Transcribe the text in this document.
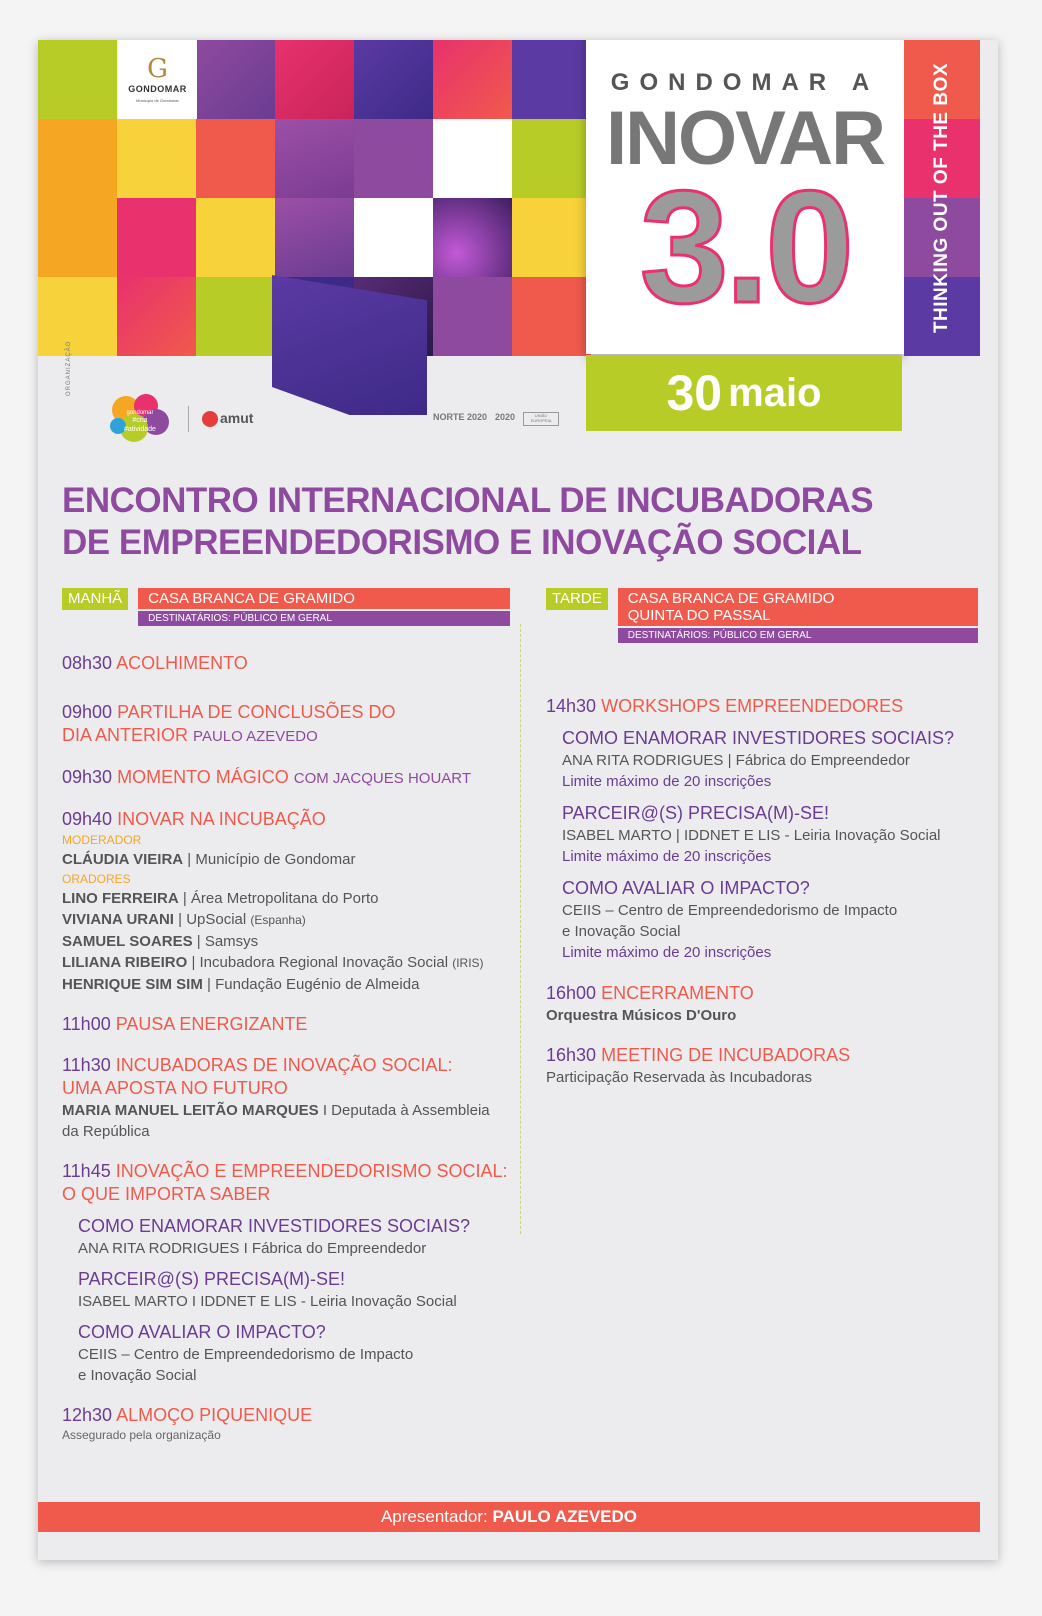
G
GONDOMAR
Município de Gondomar
GONDOMAR A
INOVAR
3.0
30 maio
THINKING OUT OF THE BOX
ORGANIZAÇÃO
gondomar
#cria
#atividade
amut	NORTE 2020 2020	UNIÃO EUROPEIA
ENCONTRO INTERNACIONAL DE INCUBADORAS
DE EMPREENDEDORISMO E INOVAÇÃO SOCIAL
MANHÃ	CASA BRANCA DE GRAMIDO
DESTINATÁRIOS: PÚBLICO EM GERAL
08h30 ACOLHIMENTO
09h00 PARTILHA DE CONCLUSÕES DO
DIA ANTERIOR PAULO AZEVEDO
09h30 MOMENTO MÁGICO COM JACQUES HOUART
09h40 INOVAR NA INCUBAÇÃO
MODERADOR
CLÁUDIA VIEIRA | Município de Gondomar
ORADORES
LINO FERREIRA | Área Metropolitana do Porto
VIVIANA URANI | UpSocial (Espanha)
SAMUEL SOARES | Samsys
LILIANA RIBEIRO | Incubadora Regional Inovação Social (IRIS)
HENRIQUE SIM SIM | Fundação Eugénio de Almeida
11h00 PAUSA ENERGIZANTE
11h30 INCUBADORAS DE INOVAÇÃO SOCIAL:
UMA APOSTA NO FUTURO
MARIA MANUEL LEITÃO MARQUES I Deputada à Assembleia
da República
11h45 INOVAÇÃO E EMPREENDEDORISMO SOCIAL:
O QUE IMPORTA SABER
COMO ENAMORAR INVESTIDORES SOCIAIS?
ANA RITA RODRIGUES I Fábrica do Empreendedor
PARCEIR@(S) PRECISA(M)-SE!
ISABEL MARTO I IDDNET E LIS - Leiria Inovação Social
COMO AVALIAR O IMPACTO?
CEIIS – Centro de Empreendedorismo de Impacto
e Inovação Social
12h30 ALMOÇO PIQUENIQUE
Assegurado pela organização
TARDE	CASA BRANCA DE GRAMIDO
QUINTA DO PASSAL
DESTINATÁRIOS: PÚBLICO EM GERAL
14h30 WORKSHOPS EMPREENDEDORES
COMO ENAMORAR INVESTIDORES SOCIAIS?
ANA RITA RODRIGUES | Fábrica do Empreendedor
Limite máximo de 20 inscrições
PARCEIR@(S) PRECISA(M)-SE!
ISABEL MARTO | IDDNET E LIS - Leiria Inovação Social
Limite máximo de 20 inscrições
COMO AVALIAR O IMPACTO?
CEIIS – Centro de Empreendedorismo de Impacto
e Inovação Social
Limite máximo de 20 inscrições
16h00 ENCERRAMENTO
Orquestra Músicos D'Ouro
16h30 MEETING DE INCUBADORAS
Participação Reservada às Incubadoras
Apresentador: PAULO AZEVEDO
